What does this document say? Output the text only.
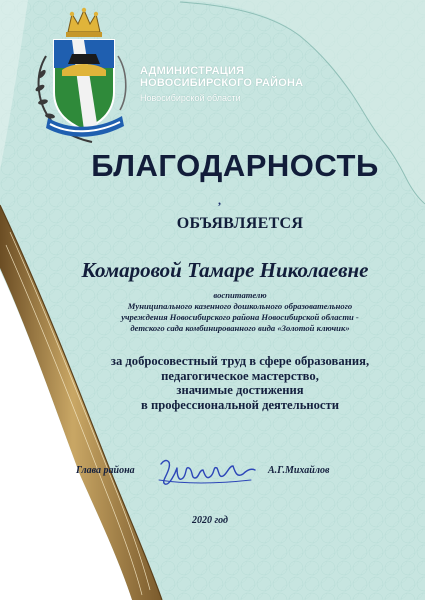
АДМИНИСТРАЦИЯ
НОВОСИБИРСКОГО РАЙОНА
Новосибирской области
БЛАГОДАРНОСТЬ
,
ОБЪЯВЛЯЕТСЯ
Комаровой Тамаре Николаевне
воспитателю
Муниципального казенного дошкольного образовательного
учреждения Новосибирского района Новосибирской области -
детского сада комбинированного вида «Золотой ключик»
за добросовестный труд в сфере образования,
педагогическое мастерство,
значимые достижения
в профессиональной деятельности
Глава района	А.Г.Михайлов
2020 год
